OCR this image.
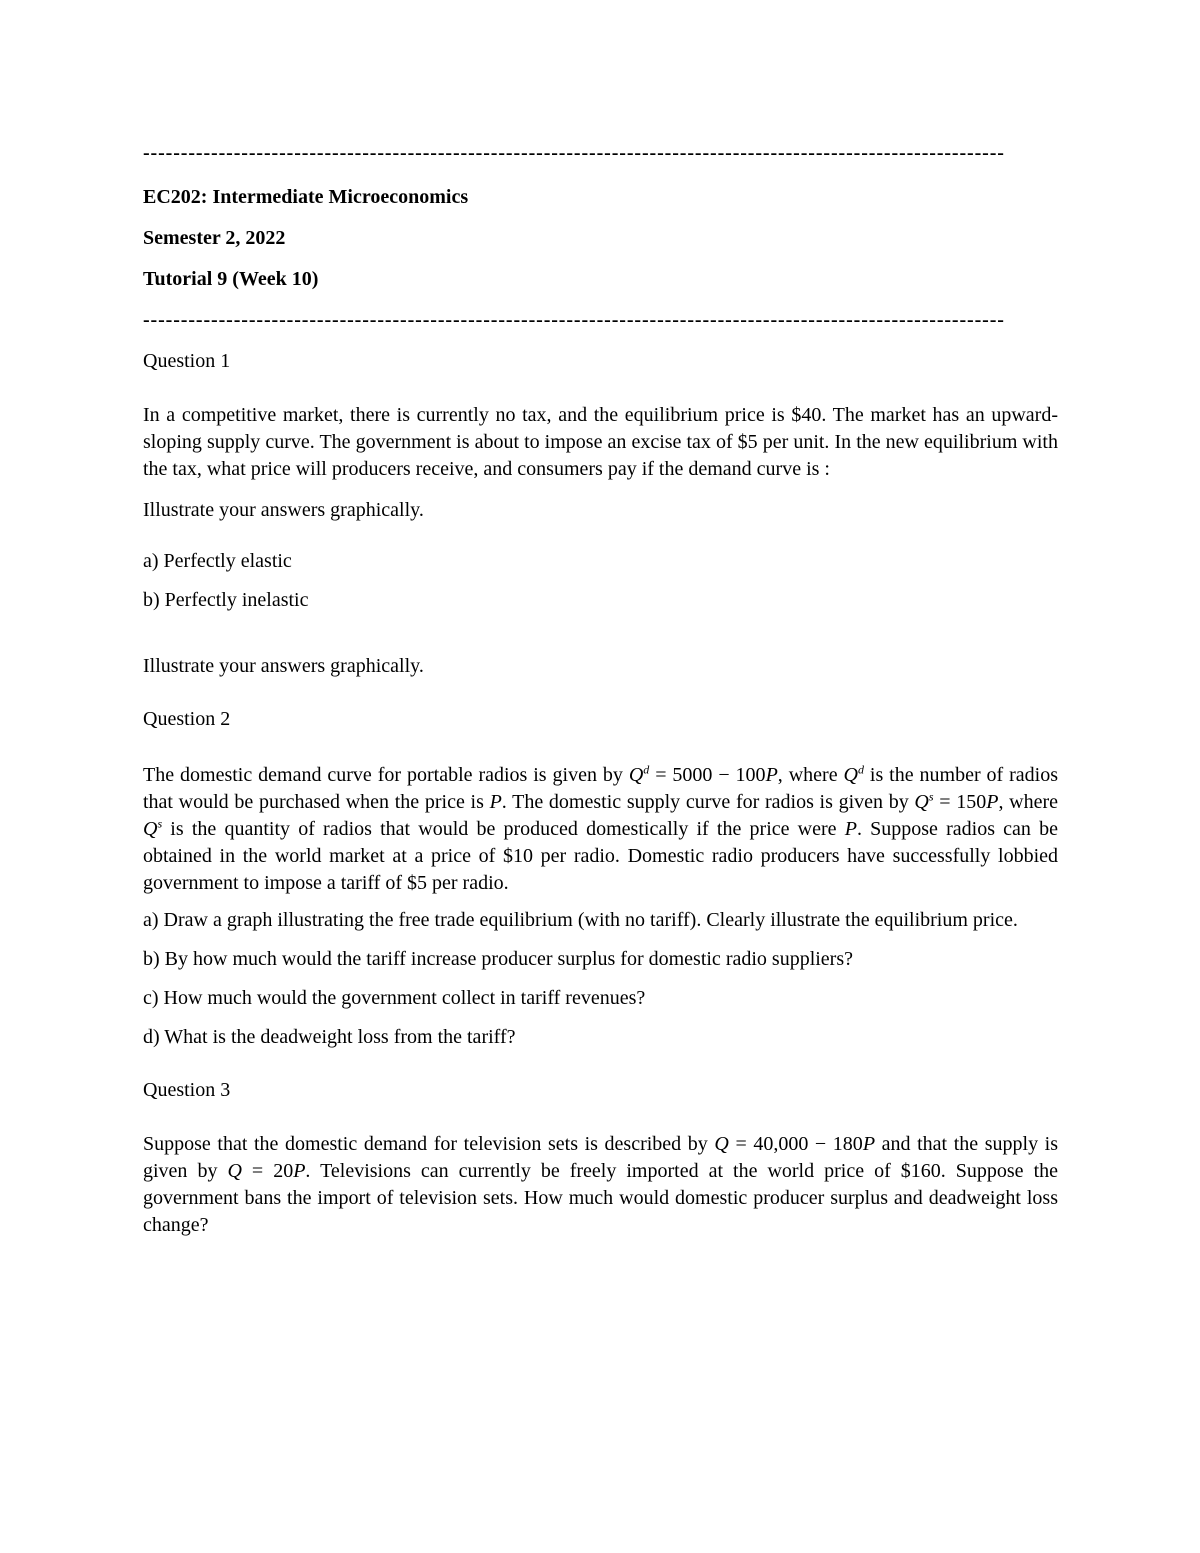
------------------------------------------------------------------------------------------------------------------

EC202: Intermediate Microeconomics

Semester 2, 2022

Tutorial 9 (Week 10)

------------------------------------------------------------------------------------------------------------------

Question 1

In a competitive market, there is currently no tax, and the equilibrium price is $40. The market has an upward-sloping supply curve. The government is about to impose an excise tax of $5 per unit. In the new equilibrium with the tax, what price will producers receive, and consumers pay if the demand curve is :

Illustrate your answers graphically.

a) Perfectly elastic

b) Perfectly inelastic

Illustrate your answers graphically.

Question 2

The domestic demand curve for portable radios is given by $Q^d = 5000 - 100P$, where $Q^d$ is the number of radios that would be purchased when the price is P. The domestic supply curve for radios is given by $Q^s = 150P$, where $Q^s$ is the quantity of radios that would be produced domestically if the price were P. Suppose radios can be obtained in the world market at a price of $10 per radio. Domestic radio producers have successfully lobbied government to impose a tariff of $5 per radio.

a) Draw a graph illustrating the free trade equilibrium (with no tariff). Clearly illustrate the equilibrium price.

b) By how much would the tariff increase producer surplus for domestic radio suppliers?

c) How much would the government collect in tariff revenues?

d) What is the deadweight loss from the tariff?

Question 3

Suppose that the domestic demand for television sets is described by Q = 40,000 − 180P and that the supply is given by Q = 20P. Televisions can currently be freely imported at the world price of $160. Suppose the government bans the import of television sets. How much would domestic producer surplus and deadweight loss change?
